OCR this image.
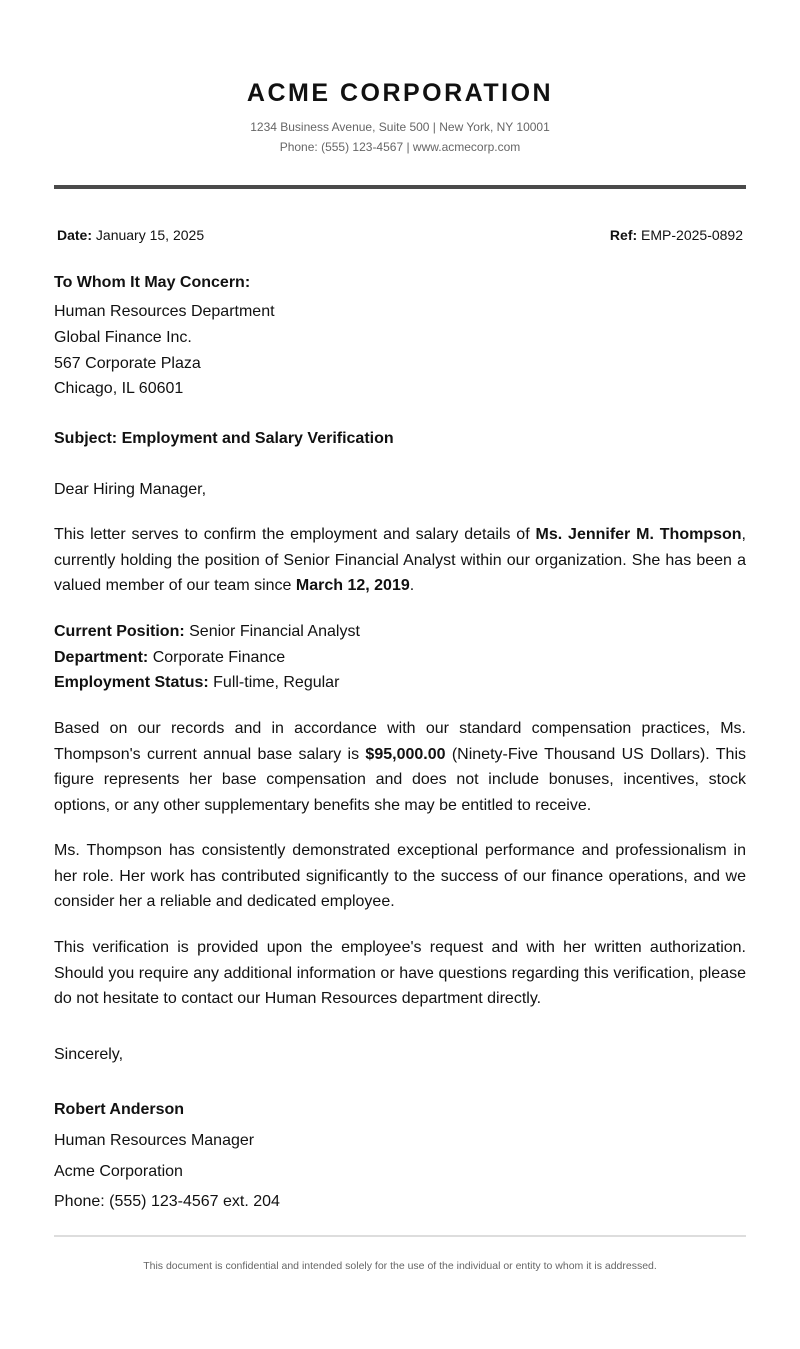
ACME CORPORATION
1234 Business Avenue, Suite 500 | New York, NY 10001
Phone: (555) 123-4567 | www.acmecorp.com
Date: January 15, 2025	Ref: EMP-2025-0892
To Whom It May Concern:
Human Resources Department
Global Finance Inc.
567 Corporate Plaza
Chicago, IL 60601
Subject: Employment and Salary Verification
Dear Hiring Manager,
This letter serves to confirm the employment and salary details of Ms. Jennifer M. Thompson, currently holding the position of Senior Financial Analyst within our organization. She has been a valued member of our team since March 12, 2019.
Current Position: Senior Financial Analyst
Department: Corporate Finance
Employment Status: Full-time, Regular
Based on our records and in accordance with our standard compensation practices, Ms. Thompson's current annual base salary is $95,000.00 (Ninety-Five Thousand US Dollars). This figure represents her base compensation and does not include bonuses, incentives, stock options, or any other supplementary benefits she may be entitled to receive.
Ms. Thompson has consistently demonstrated exceptional performance and professionalism in her role. Her work has contributed significantly to the success of our finance operations, and we consider her a reliable and dedicated employee.
This verification is provided upon the employee's request and with her written authorization. Should you require any additional information or have questions regarding this verification, please do not hesitate to contact our Human Resources department directly.
Sincerely,
Robert Anderson
Human Resources Manager
Acme Corporation
Phone: (555) 123-4567 ext. 204
This document is confidential and intended solely for the use of the individual or entity to whom it is addressed.
